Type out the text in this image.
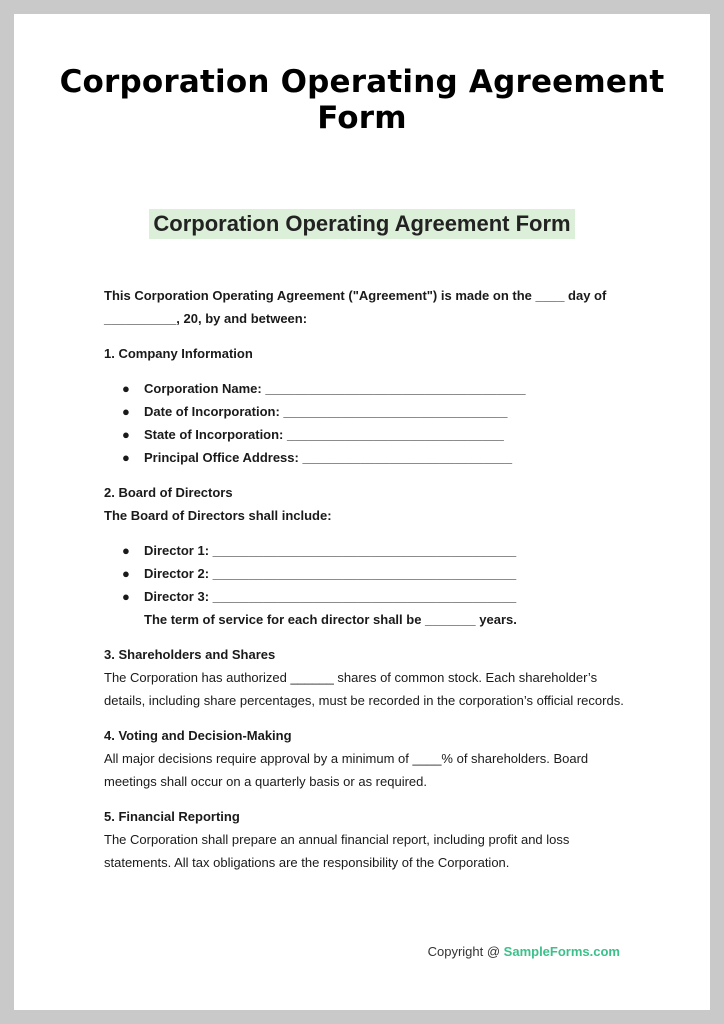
Corporation Operating Agreement Form
Corporation Operating Agreement Form

This Corporation Operating Agreement ("Agreement") is made on the ____ day of __________, 20, by and between:

1. Company Information

● Corporation Name: ____________________________________
● Date of Incorporation: _______________________________
● State of Incorporation: ______________________________
● Principal Office Address: _____________________________

2. Board of Directors

The Board of Directors shall include:

● Director 1: __________________________________________
● Director 2: __________________________________________
● Director 3: __________________________________________

The term of service for each director shall be _______ years.

3. Shareholders and Shares

The Corporation has authorized ______ shares of common stock. Each shareholder’s details, including share percentages, must be recorded in the corporation’s official records.

4. Voting and Decision-Making

All major decisions require approval by a minimum of ____% of shareholders. Board meetings shall occur on a quarterly basis or as required.

5. Financial Reporting

The Corporation shall prepare an annual financial report, including profit and loss statements. All tax obligations are the responsibility of the Corporation.

Copyright @ SampleForms.com
